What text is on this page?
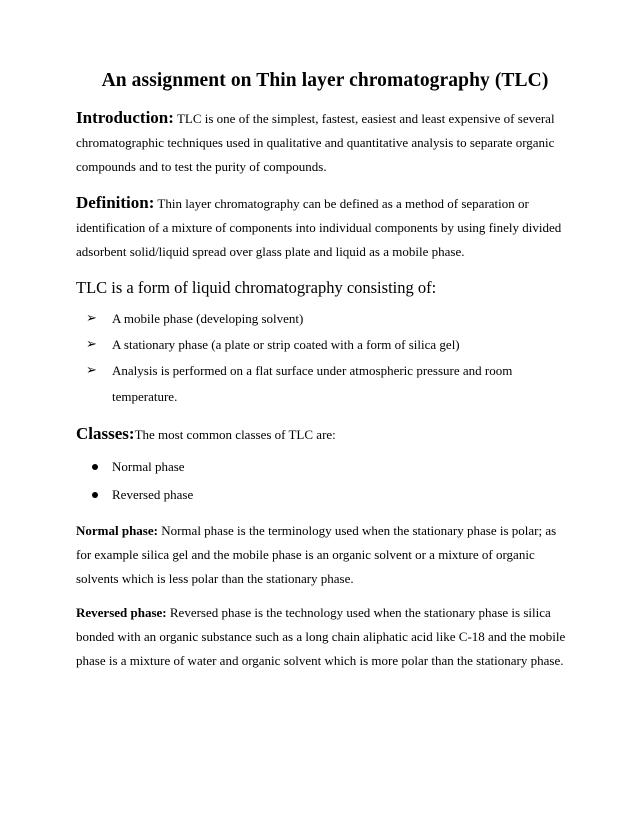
An assignment on Thin layer chromatography (TLC)

Introduction: TLC is one of the simplest, fastest, easiest and least expensive of several chromatographic techniques used in qualitative and quantitative analysis to separate organic compounds and to test the purity of compounds.

Definition: Thin layer chromatography can be defined as a method of separation or identification of a mixture of components into individual components by using finely divided adsorbent solid/liquid spread over glass plate and liquid as a mobile phase.

TLC is a form of liquid chromatography consisting of:
➢ A mobile phase (developing solvent)
➢ A stationary phase (a plate or strip coated with a form of silica gel)
➢ Analysis is performed on a flat surface under atmospheric pressure and room
temperature.

Classes:The most common classes of TLC are:

Normal phase
Reversed phase

Normal phase: Normal phase is the terminology used when the stationary phase is polar; as for example silica gel and the mobile phase is an organic solvent or a mixture of organic solvents which is less polar than the stationary phase.

Reversed phase: Reversed phase is the technology used when the stationary phase is silica bonded with an organic substance such as a long chain aliphatic acid like C-18 and the mobile phase is a mixture of water and organic solvent which is more polar than the stationary phase.
